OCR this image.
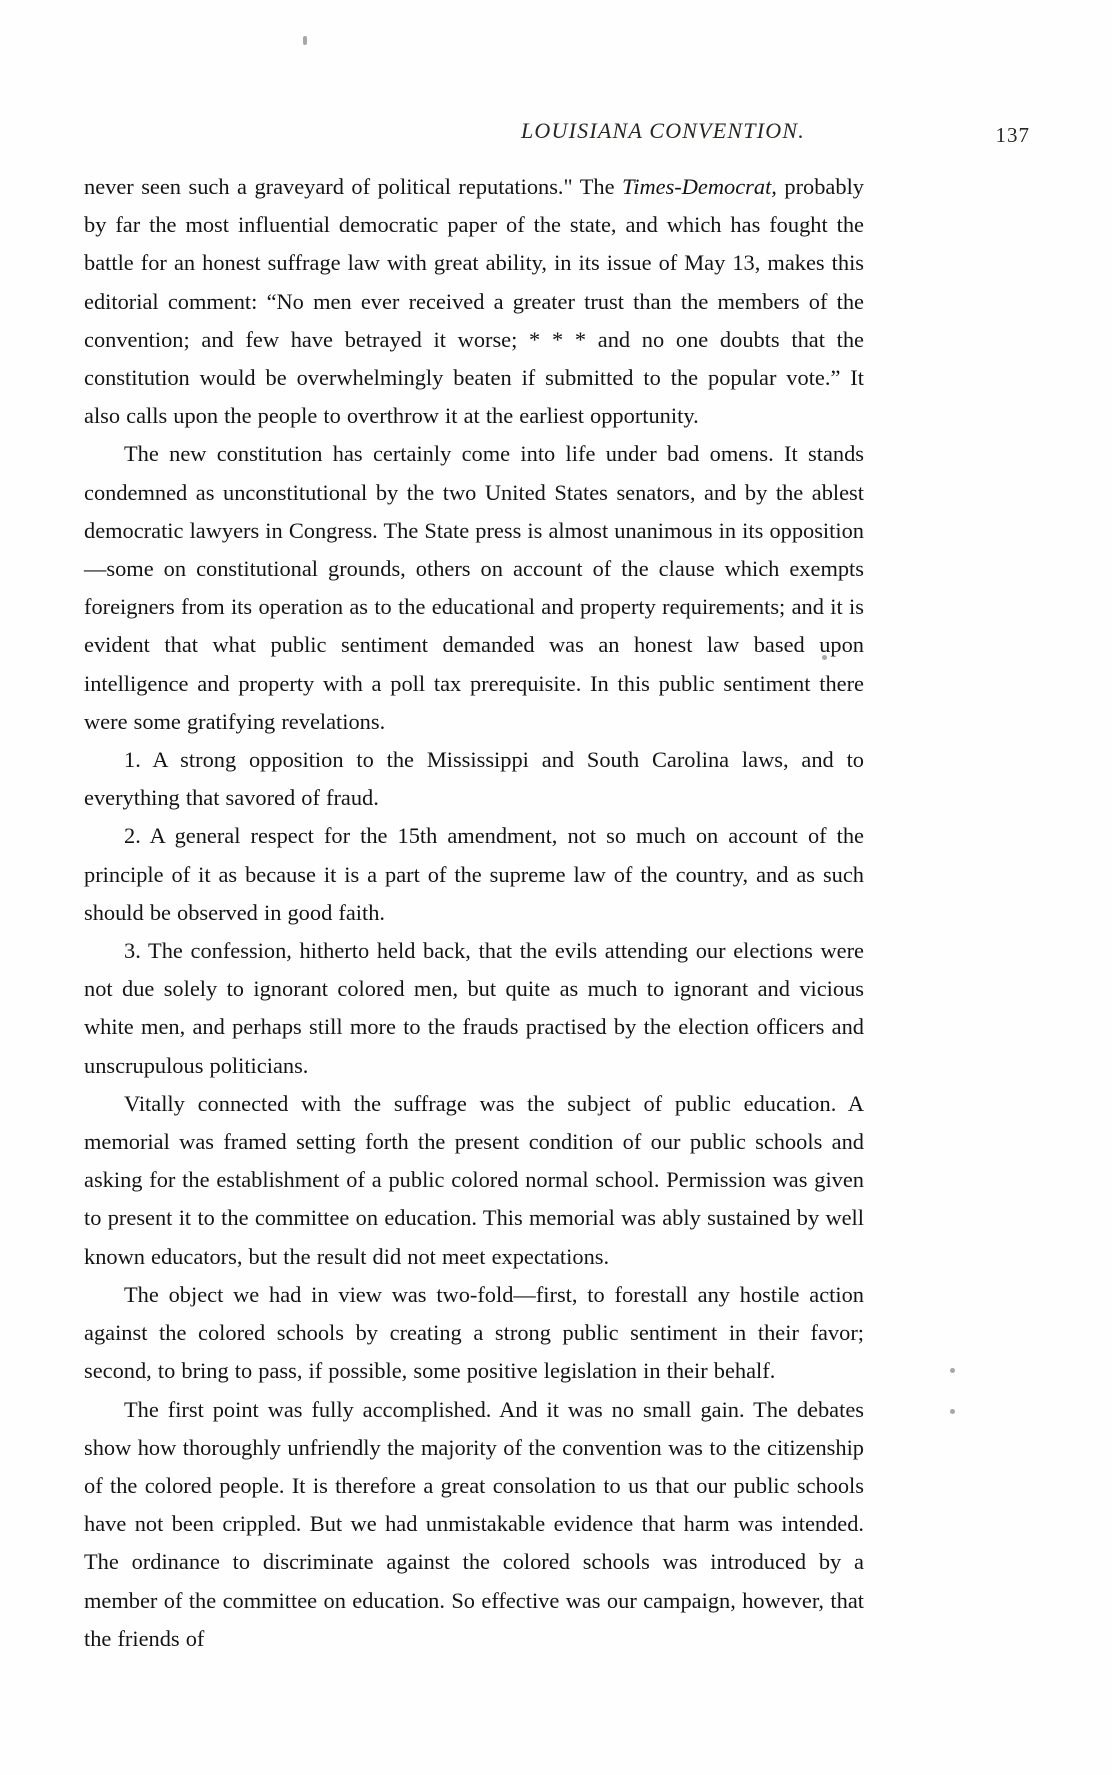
LOUISIANA CONVENTION.	137

never seen such a graveyard of political reputations." The Times-Democrat, probably by far the most influential democratic paper of the state, and which has fought the battle for an honest suffrage law with great ability, in its issue of May 13, makes this editorial comment: “No men ever received a greater trust than the members of the convention; and few have betrayed it worse; * * * and no one doubts that the constitution would be overwhelmingly beaten if submitted to the popular vote.” It also calls upon the people to overthrow it at the earliest opportunity.

The new constitution has certainly come into life under bad omens. It stands condemned as unconstitutional by the two United States senators, and by the ablest democratic lawyers in Congress. The State press is almost unanimous in its opposition—some on constitutional grounds, others on account of the clause which exempts foreigners from its operation as to the educational and property requirements; and it is evident that what public sentiment demanded was an honest law based upon intelligence and property with a poll tax prerequisite. In this public sentiment there were some gratifying revelations.

1. A strong opposition to the Mississippi and South Carolina laws, and to everything that savored of fraud.

2. A general respect for the 15th amendment, not so much on account of the principle of it as because it is a part of the supreme law of the country, and as such should be observed in good faith.

3. The confession, hitherto held back, that the evils attending our elections were not due solely to ignorant colored men, but quite as much to ignorant and vicious white men, and perhaps still more to the frauds practised by the election officers and unscrupulous politicians.

Vitally connected with the suffrage was the subject of public education. A memorial was framed setting forth the present condition of our public schools and asking for the establishment of a public colored normal school. Permission was given to present it to the committee on education. This memorial was ably sustained by well known educators, but the result did not meet expectations.

The object we had in view was two-fold—first, to forestall any hostile action against the colored schools by creating a strong public sentiment in their favor; second, to bring to pass, if possible, some positive legislation in their behalf.

The first point was fully accomplished. And it was no small gain. The debates show how thoroughly unfriendly the majority of the convention was to the citizenship of the colored people. It is therefore a great consolation to us that our public schools have not been crippled. But we had unmistakable evidence that harm was intended. The ordinance to discriminate against the colored schools was introduced by a member of the committee on education. So effective was our campaign, however, that the friends of
